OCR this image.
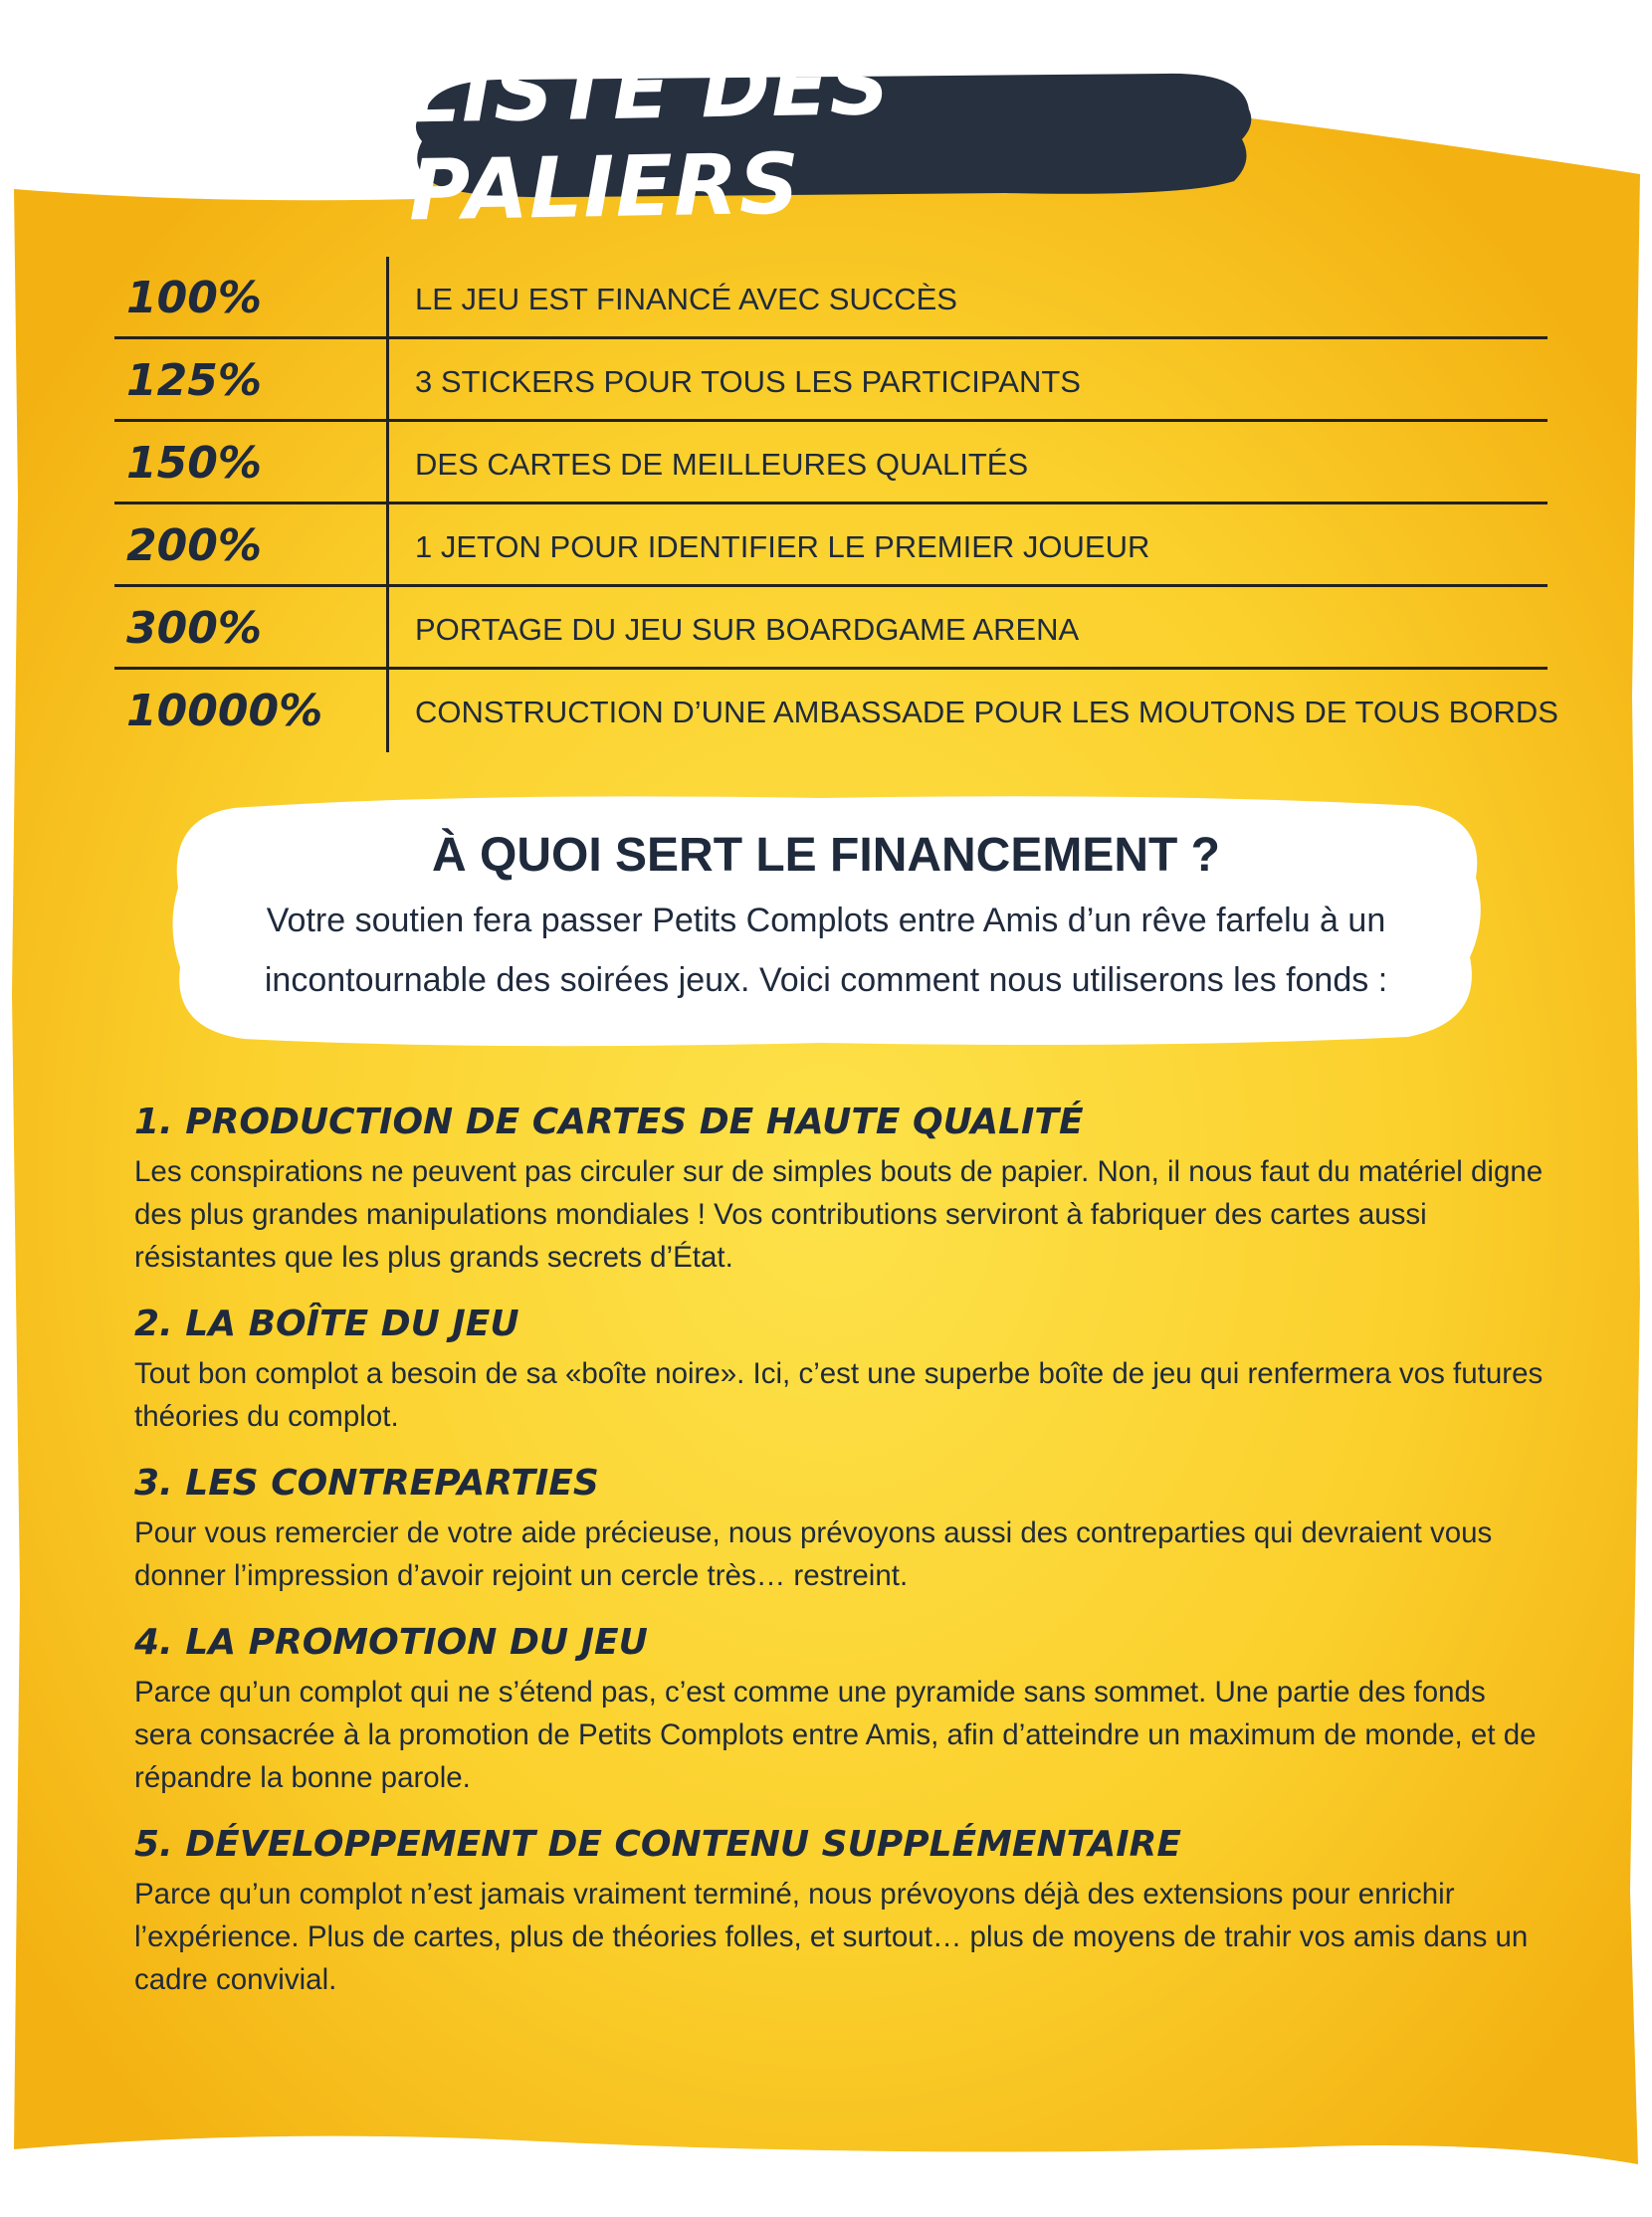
LISTE DES PALIERS
100%	LE JEU EST FINANCÉ AVEC SUCCÈS
125%	3 STICKERS POUR TOUS LES PARTICIPANTS
150%	DES CARTES DE MEILLEURES QUALITÉS
200%	1 JETON POUR IDENTIFIER LE PREMIER JOUEUR
300%	PORTAGE DU JEU SUR BOARDGAME ARENA
10000%	CONSTRUCTION D’UNE AMBASSADE POUR LES MOUTONS DE TOUS BORDS
À QUOI SERT LE FINANCEMENT ?
Votre soutien fera passer Petits Complots entre Amis d’un rêve farfelu à un incontournable des soirées jeux. Voici comment nous utiliserons les fonds :
1. PRODUCTION DE CARTES DE HAUTE QUALITÉ
Les conspirations ne peuvent pas circuler sur de simples bouts de papier. Non, il nous faut du matériel digne des plus grandes manipulations mondiales ! Vos contributions serviront à fabriquer des cartes aussi résistantes que les plus grands secrets d’État.
2. LA BOÎTE DU JEU
Tout bon complot a besoin de sa «boîte noire». Ici, c’est une superbe boîte de jeu qui renfermera vos futures théories du complot.
3. LES CONTREPARTIES
Pour vous remercier de votre aide précieuse, nous prévoyons aussi des contreparties qui devraient vous donner l’impression d’avoir rejoint un cercle très… restreint.
4. LA PROMOTION DU JEU
Parce qu’un complot qui ne s’étend pas, c’est comme une pyramide sans sommet. Une partie des fonds sera consacrée à la promotion de Petits Complots entre Amis, afin d’atteindre un maximum de monde, et de répandre la bonne parole.
5. DÉVELOPPEMENT DE CONTENU SUPPLÉMENTAIRE
Parce qu’un complot n’est jamais vraiment terminé, nous prévoyons déjà des extensions pour enrichir l’expérience. Plus de cartes, plus de théories folles, et surtout… plus de moyens de trahir vos amis dans un cadre convivial.
